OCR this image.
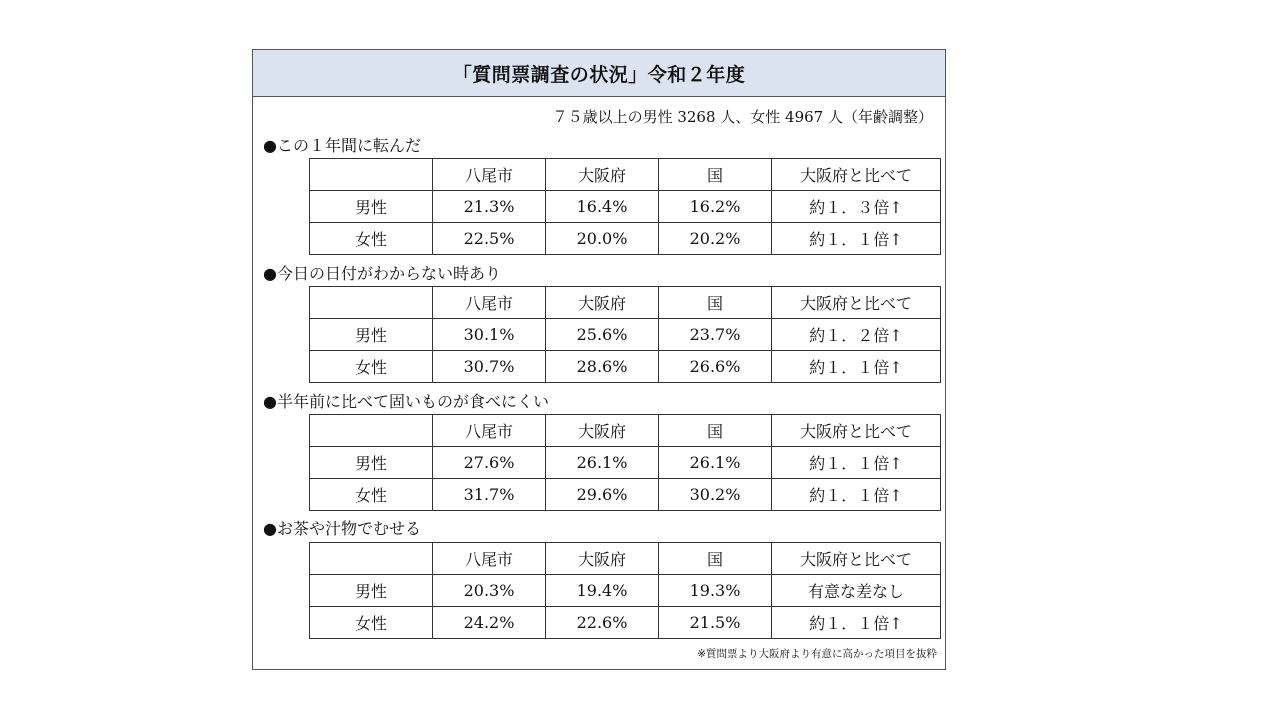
「質問票調査の状況」令和２年度
７５歳以上の男性 3268 人、女性 4967 人（年齢調整）
●この１年間に転んだ
	八尾市	大阪府	国	大阪府と比べて
男性	21.3%	16.4%	16.2%	約１．３倍↑
女性	22.5%	20.0%	20.2%	約１．１倍↑
●今日の日付がわからない時あり
	八尾市	大阪府	国	大阪府と比べて
男性	30.1%	25.6%	23.7%	約１．２倍↑
女性	30.7%	28.6%	26.6%	約１．１倍↑
●半年前に比べて固いものが食べにくい
	八尾市	大阪府	国	大阪府と比べて
男性	27.6%	26.1%	26.1%	約１．１倍↑
女性	31.7%	29.6%	30.2%	約１．１倍↑
●お茶や汁物でむせる
	八尾市	大阪府	国	大阪府と比べて
男性	20.3%	19.4%	19.3%	有意な差なし
女性	24.2%	22.6%	21.5%	約１．１倍↑
※質問票より大阪府より有意に高かった項目を抜粋
